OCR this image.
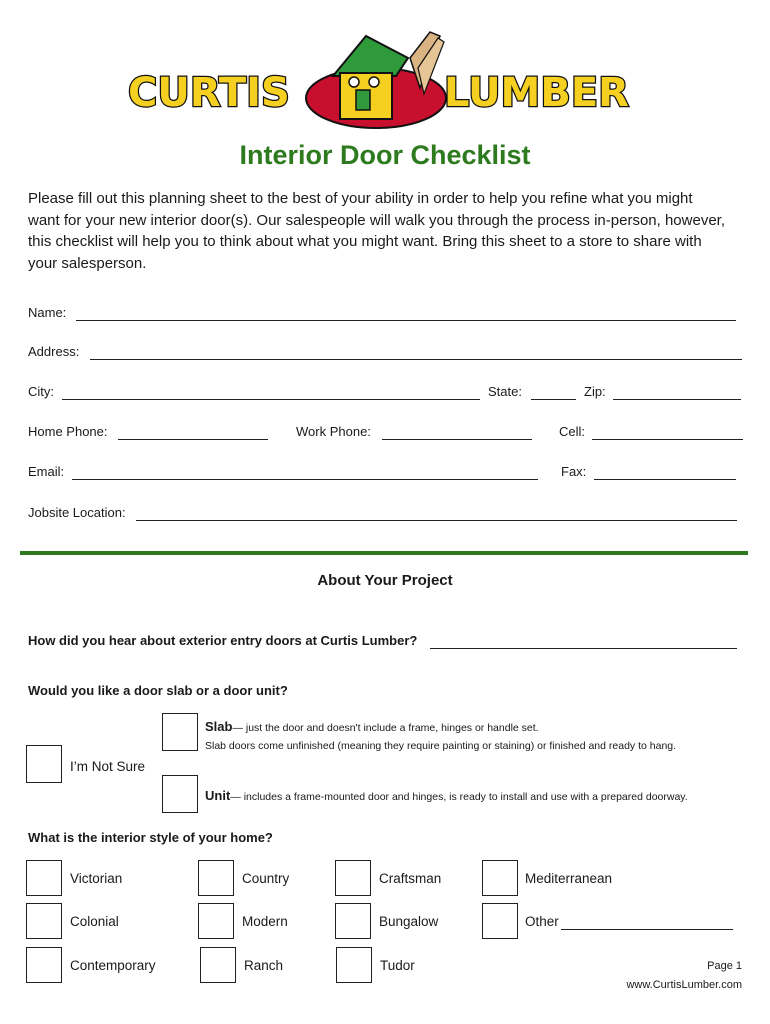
CURTIS	LUMBER
Interior Door Checklist
Please fill out this planning sheet to the best of your ability in order to help you refine what you might want for your new interior door(s). Our salespeople will walk you through the process in-person, however, this checklist will help you to think about what you might want. Bring this sheet to a store to share with your salesperson.
Name:
Address:
City:	State:	Zip:
Home Phone:	Work Phone:	Cell:
Email:	Fax:
Jobsite Location:
About Your Project
How did you hear about exterior entry doors at Curtis Lumber?
Would you like a door slab or a door unit?
Slab— just the door and doesn't include a frame, hinges or handle set.
Slab doors come unfinished (meaning they require painting or staining) or finished and ready to hang.
I’m Not Sure
Unit— includes a frame-mounted door and hinges, is ready to install and use with a prepared doorway.
What is the interior style of your home?
Victorian	Country	Craftsman	Mediterranean
Colonial	Modern	Bungalow	Other
Contemporary	Ranch	Tudor	Page 1
www.CurtisLumber.com
